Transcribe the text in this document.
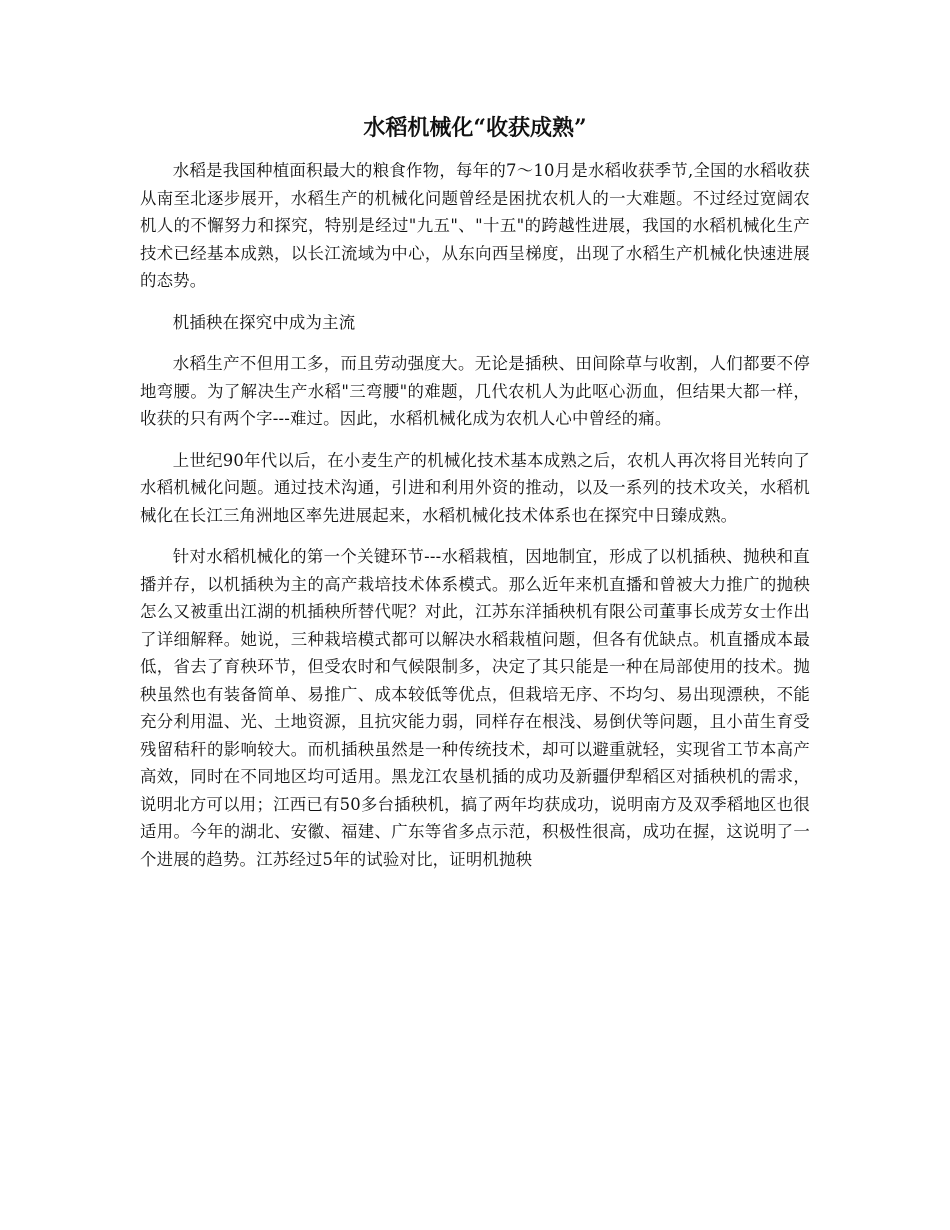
水稻机械化“收获成熟”

水稻是我国种植面积最大的粮食作物，每年的7～10月是水稻收获季节,全国的水稻收获从南至北逐步展开，水稻生产的机械化问题曾经是困扰农机人的一大难题。不过经过宽阔农机人的不懈努力和探究，特别是经过"九五"、"十五"的跨越性进展，我国的水稻机械化生产技术已经基本成熟，以长江流域为中心，从东向西呈梯度，出现了水稻生产机械化快速进展的态势。

机插秧在探究中成为主流

水稻生产不但用工多，而且劳动强度大。无论是插秧、田间除草与收割，人们都要不停地弯腰。为了解决生产水稻"三弯腰"的难题，几代农机人为此呕心沥血，但结果大都一样，收获的只有两个字---难过。因此，水稻机械化成为农机人心中曾经的痛。

上世纪90年代以后，在小麦生产的机械化技术基本成熟之后，农机人再次将目光转向了水稻机械化问题。通过技术沟通，引进和利用外资的推动，以及一系列的技术攻关，水稻机械化在长江三角洲地区率先进展起来，水稻机械化技术体系也在探究中日臻成熟。

针对水稻机械化的第一个关键环节---水稻栽植，因地制宜，形成了以机插秧、抛秧和直播并存，以机插秧为主的高产栽培技术体系模式。那么近年来机直播和曾被大力推广的抛秧怎么又被重出江湖的机插秧所替代呢？对此，江苏东洋插秧机有限公司董事长成芳女士作出了详细解释。她说，三种栽培模式都可以解决水稻栽植问题，但各有优缺点。机直播成本最低，省去了育秧环节，但受农时和气候限制多，决定了其只能是一种在局部使用的技术。抛秧虽然也有装备简单、易推广、成本较低等优点，但栽培无序、不均匀、易出现漂秧，不能充分利用温、光、土地资源，且抗灾能力弱，同样存在根浅、易倒伏等问题，且小苗生育受残留秸秆的影响较大。而机插秧虽然是一种传统技术，却可以避重就轻，实现省工节本高产高效，同时在不同地区均可适用。黑龙江农垦机插的成功及新疆伊犁稻区对插秧机的需求，说明北方可以用；江西已有50多台插秧机，搞了两年均获成功，说明南方及双季稻地区也很适用。今年的湖北、安徽、福建、广东等省多点示范，积极性很高，成功在握，这说明了一个进展的趋势。江苏经过5年的试验对比，证明机抛秧
